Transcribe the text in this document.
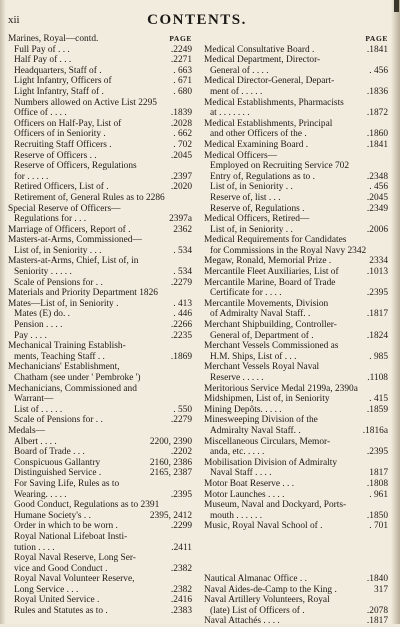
xii	CONTENTS.
Marines, Royal—contd.	PAGE
Full Pay of . . .	.2249
Half Pay of . . .	.2271
Headquarters, Staff of .	. 663
Light Infantry, Officers of	. 671
Light Infantry, Staff of .	. 680
Numbers allowed on Active List 2295
Office of . . . .	.1839
Officers on Half-Pay, List of	.2028
Officers of in Seniority .	. 662
Recruiting Staff Officers .	. 702
Reserve of Officers . .	.2045
Reserve of Officers, Regulations
for . . . . .	.2397
Retired Officers, List of .	.2020
Retirement of, General Rules as to 2286
Special Reserve of Officers—
Regulations for . . .	2397a
Marriage of Officers, Report of .	2362
Masters-at-Arms, Commissioned—
List of, in Seniority . . .	. 534
Masters-at-Arms, Chief, List of, in
Seniority . . . . .	. 534
Scale of Pensions for . .	.2279
Materials and Priority Department 1826
Mates—List of, in Seniority .	. 413
Mates (E) do. .	. 446
Pension . . . .	.2266
Pay . . . .	.2235
Mechanical Training Establish-
ments, Teaching Staff . .	.1869
Mechanicians' Establishment,
Chatham (see under ' Pembroke ')
Mechanicians, Commissioned and
Warrant—
List of . . . . .	. 550
Scale of Pensions for . .	.2279
Medals—
Albert . . . .	2200, 2390
Board of Trade . . .	.2202
Conspicuous Gallantry	2160, 2386
Distinguished Service .	2165, 2387
For Saving Life, Rules as to
Wearing. . . . .	.2395
Good Conduct, Regulations as to 2391
Humane Society's . .	2395, 2412
Order in which to be worn .	.2299
Royal National Lifeboat Insti-
tution . . . .	.2411
Royal Naval Reserve, Long Ser-
vice and Good Conduct .	.2382
Royal Naval Volunteer Reserve,
Long Service . . .	.2382
Royal United Service .	.2416
Rules and Statutes as to .	.2383
PAGE
Medical Consultative Board .	.1841
Medical Department, Director-
General of . . . .	. 456
Medical Director-General, Depart-
ment of . . . . .	.1836
Medical Establishments, Pharmacists
at . . . . . . .	.1872
Medical Establishments, Principal
and other Officers of the .	.1860
Medical Examining Board .	.1841
Medical Officers—
Employed on Recruiting Service 702
Entry of, Regulations as to .	.2348
List of, in Seniority . .	. 456
Reserve of, list . . .	.2045
Reserve of, Regulations .	.2349
Medical Officers, Retired—
List of, in Seniority . .	.2006
Medical Requirements for Candidates
for Commissions in the Royal Navy 2342
Megaw, Ronald, Memorial Prize .	2334
Mercantile Fleet Auxiliaries, List of	.1013
Mercantile Marine, Board of Trade
Certificate for . . . .	.2395
Mercantile Movements, Division
of Admiralty Naval Staff. .	.1817
Merchant Shipbuilding, Controller-
General of, Department of .	.1824
Merchant Vessels Commissioned as
H.M. Ships, List of . . .	. 985
Merchant Vessels Royal Naval
Reserve . . . . .	.1108
Meritorious Service Medal 2199a, 2390a
Midshipmen, List of, in Seniority	. 415
Mining Depôts. . . . .	.1859
Minesweeping Division of the
Admiralty Naval Staff. .	.1816a
Miscellaneous Circulars, Memor-
anda, etc. . . . .	.2395
Mobilisation Division of Admiralty
Naval Staff . . . .	1817
Motor Boat Reserve . . .	.1808
Motor Launches . . . .	. 961
Museum, Naval and Dockyard, Ports-
mouth . . . . . .	.1850
Music, Royal Naval School of .	. 701
Nautical Almanac Office . .	.1840
Naval Aides-de-Camp to the King .	317
Naval Artillery Volunteers, Royal
(late) List of Officers of .	.2078
Naval Attachés . . . .	.1817
